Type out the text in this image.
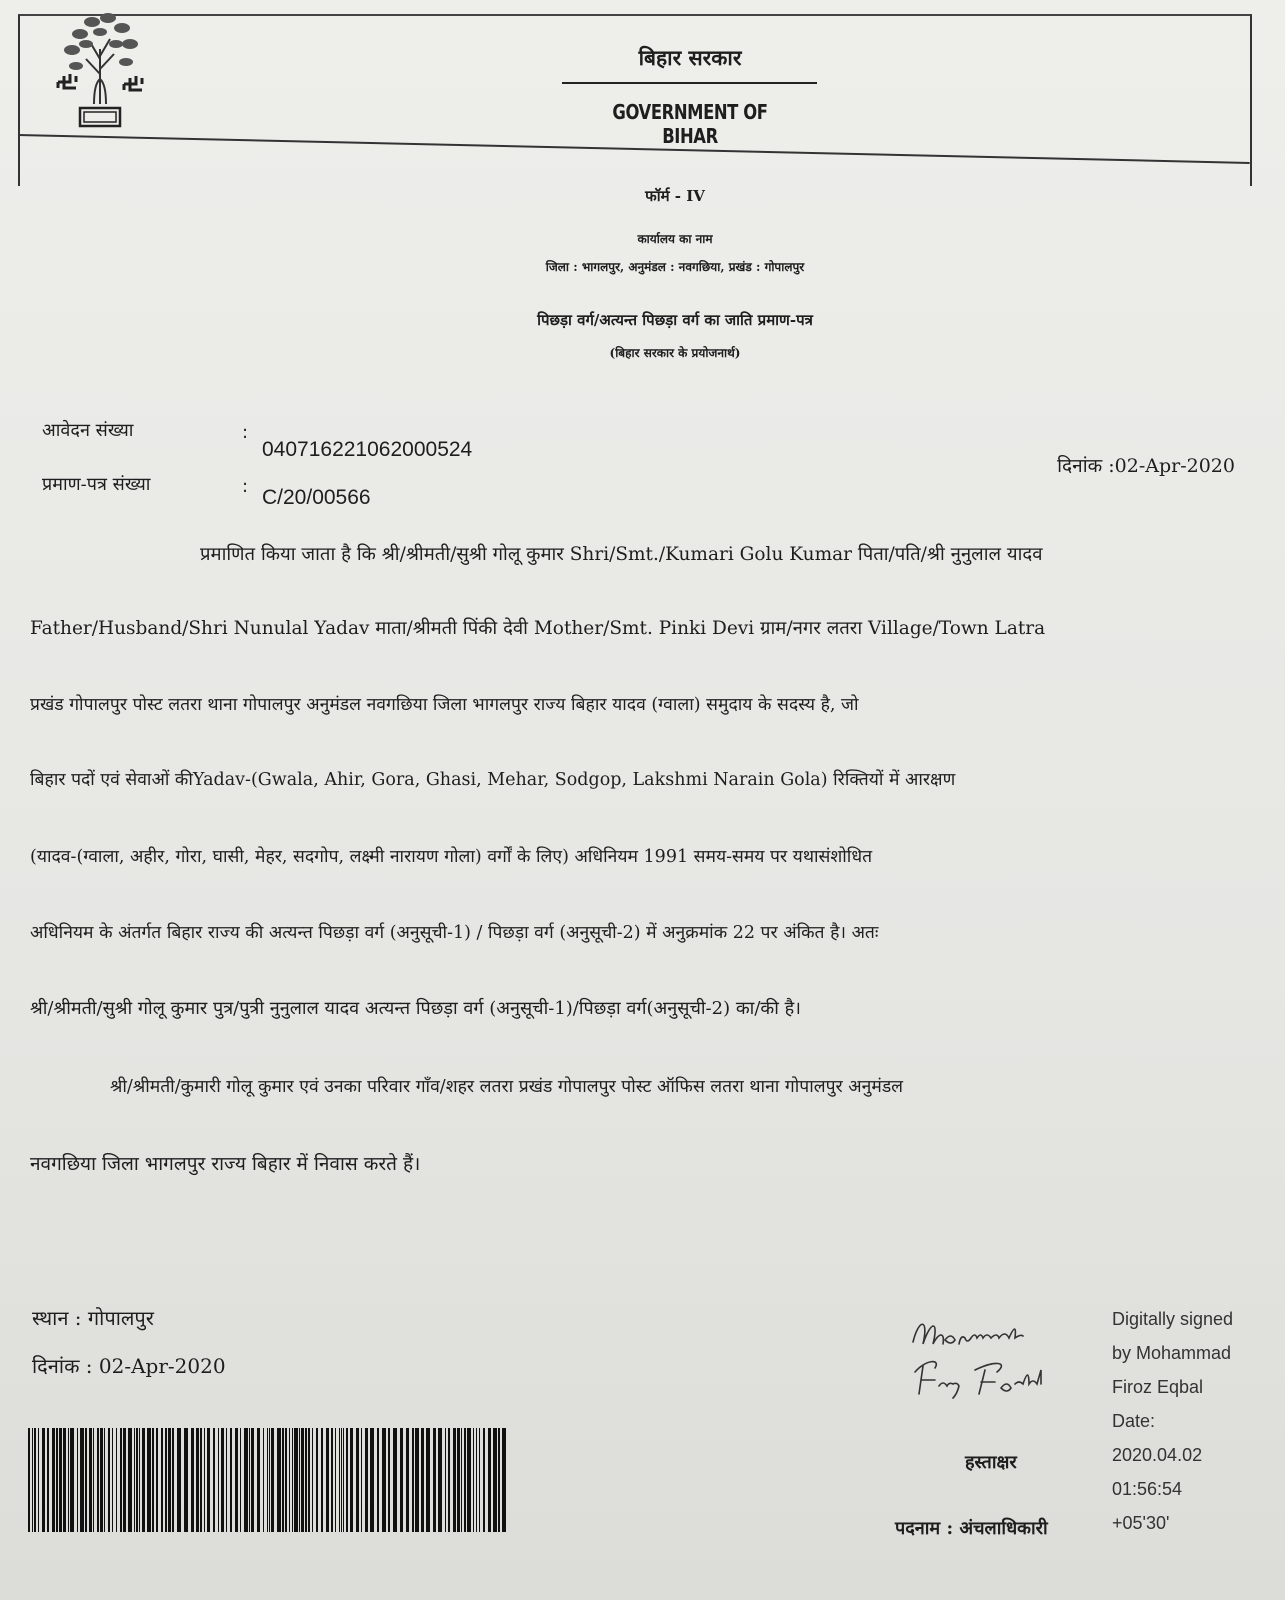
बिहार सरकार
GOVERNMENT OF BIHAR
फॉर्म - IV
कार्यालय का नाम
जिला : भागलपुर, अनुमंडल : नवगछिया, प्रखंड : गोपालपुर
पिछड़ा वर्ग/अत्यन्त पिछड़ा वर्ग का जाति प्रमाण-पत्र
(बिहार सरकार के प्रयोजनार्थ)
आवेदन संख्या	:
040716221062000524
प्रमाण-पत्र संख्या	: C/20/00566
दिनांक :02-Apr-2020
प्रमाणित किया जाता है कि श्री/श्रीमती/सुश्री गोलू कुमार Shri/Smt./Kumari Golu Kumar पिता/पति/श्री नुनुलाल यादव
Father/Husband/Shri Nunulal Yadav माता/श्रीमती पिंकी देवी Mother/Smt. Pinki Devi ग्राम/नगर लतरा Village/Town Latra
प्रखंड गोपालपुर पोस्ट लतरा थाना गोपालपुर अनुमंडल नवगछिया जिला भागलपुर राज्य बिहार यादव (ग्वाला) समुदाय के सदस्य है, जो
बिहार पदों एवं सेवाओं कीYadav-(Gwala, Ahir, Gora, Ghasi, Mehar, Sodgop, Lakshmi Narain Gola) रिक्तियों में आरक्षण
(यादव-(ग्वाला, अहीर, गोरा, घासी, मेहर, सदगोप, लक्ष्मी नारायण गोला) वर्गों के लिए) अधिनियम 1991 समय-समय पर यथासंशोधित
अधिनियम के अंतर्गत बिहार राज्य की अत्यन्त पिछड़ा वर्ग (अनुसूची-1) / पिछड़ा वर्ग (अनुसूची-2) में अनुक्रमांक 22 पर अंकित है। अतः
श्री/श्रीमती/सुश्री गोलू कुमार पुत्र/पुत्री नुनुलाल यादव अत्यन्त पिछड़ा वर्ग (अनुसूची-1)/पिछड़ा वर्ग(अनुसूची-2) का/की है।
श्री/श्रीमती/कुमारी गोलू कुमार एवं उनका परिवार गाँव/शहर लतरा प्रखंड गोपालपुर पोस्ट ऑफिस लतरा थाना गोपालपुर अनुमंडल
नवगछिया जिला भागलपुर राज्य बिहार में निवास करते हैं।
स्थान : गोपालपुर
दिनांक : 02-Apr-2020
हस्ताक्षर
पदनाम : अंचलाधिकारी
Digitally signed
by Mohammad
Firoz Eqbal
Date:
2020.04.02
01:56:54
+05'30'
